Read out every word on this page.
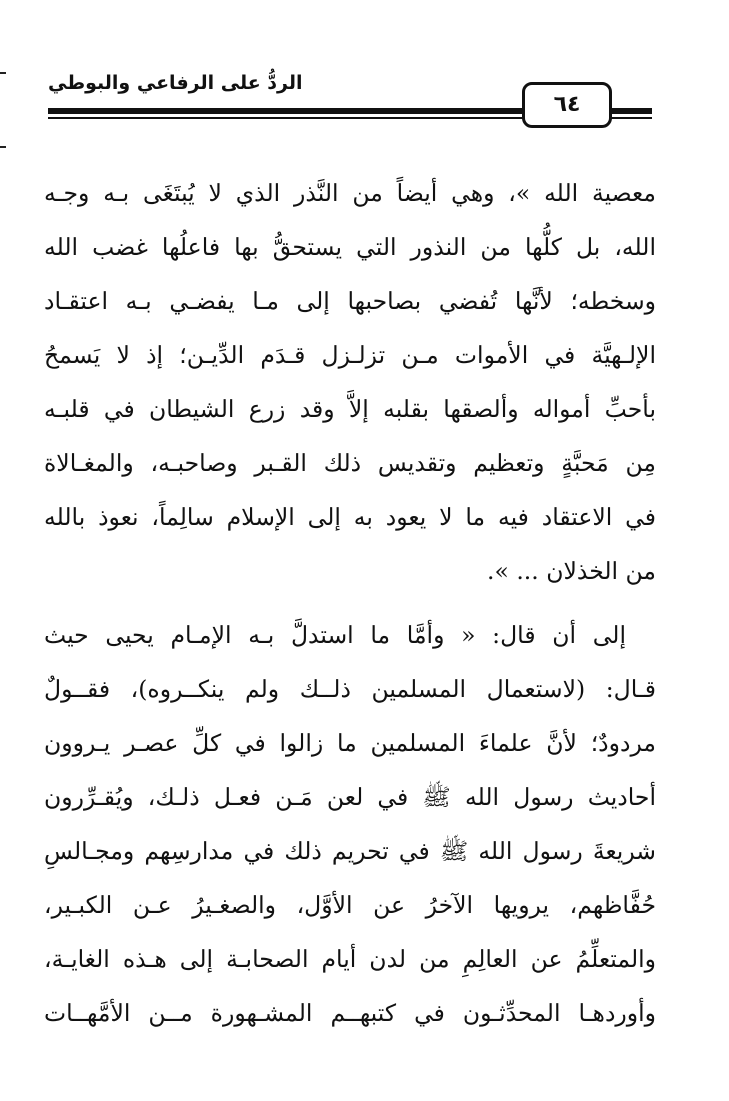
الردُّ على الرفاعي والبوطي
٦٤
معصية الله »، وهي أيضاً من النَّذر الذي لا يُبتَغَى بـه وجـه
الله، بل كلُّها من النذور التي يستحقُّ بها فاعلُها غضب الله
وسخطه؛ لأنَّها تُفضي بصاحبها إلى مـا يفضـي بـه اعتقـاد
الإلـهيَّة في الأموات مـن تزلـزل قـدَم الدِّيـن؛ إذ لا يَسمحُ
بأحبِّ أمواله وألصقها بقلبه إلاَّ وقد زرع الشيطان في قلبـه
مِن مَحبَّةٍ وتعظيم وتقديس ذلك القـبر وصاحبـه، والمغـالاة
في الاعتقاد فيه ما لا يعود به إلى الإسلام سالِماً، نعوذ بالله
من الخذلان ... ».
إلى أن قال: « وأمَّا ما استدلَّ بـه الإمـام يحيى حيث
قـال: (لاستعمال المسلمين ذلــك ولم ينكــروه)، فقــولٌ
مردودٌ؛ لأنَّ علماءَ المسلمين ما زالوا في كلِّ عصـر يـروون
أحاديث رسول الله ﷺ في لعن مَـن فعـل ذلـك، ويُقـرِّرون
شريعةَ رسول الله ﷺ في تحريم ذلك في مدارسِهم ومجـالسِ
حُفَّاظهم، يرويها الآخرُ عن الأوَّل، والصغـيرُ عـن الكبـير،
والمتعلِّمُ عن العالِمِ من لدن أيام الصحابـة إلى هـذه الغايـة،
وأوردهـا المحدِّثـون في كتبهــم المشـهورة مــن الأمَّهــات
